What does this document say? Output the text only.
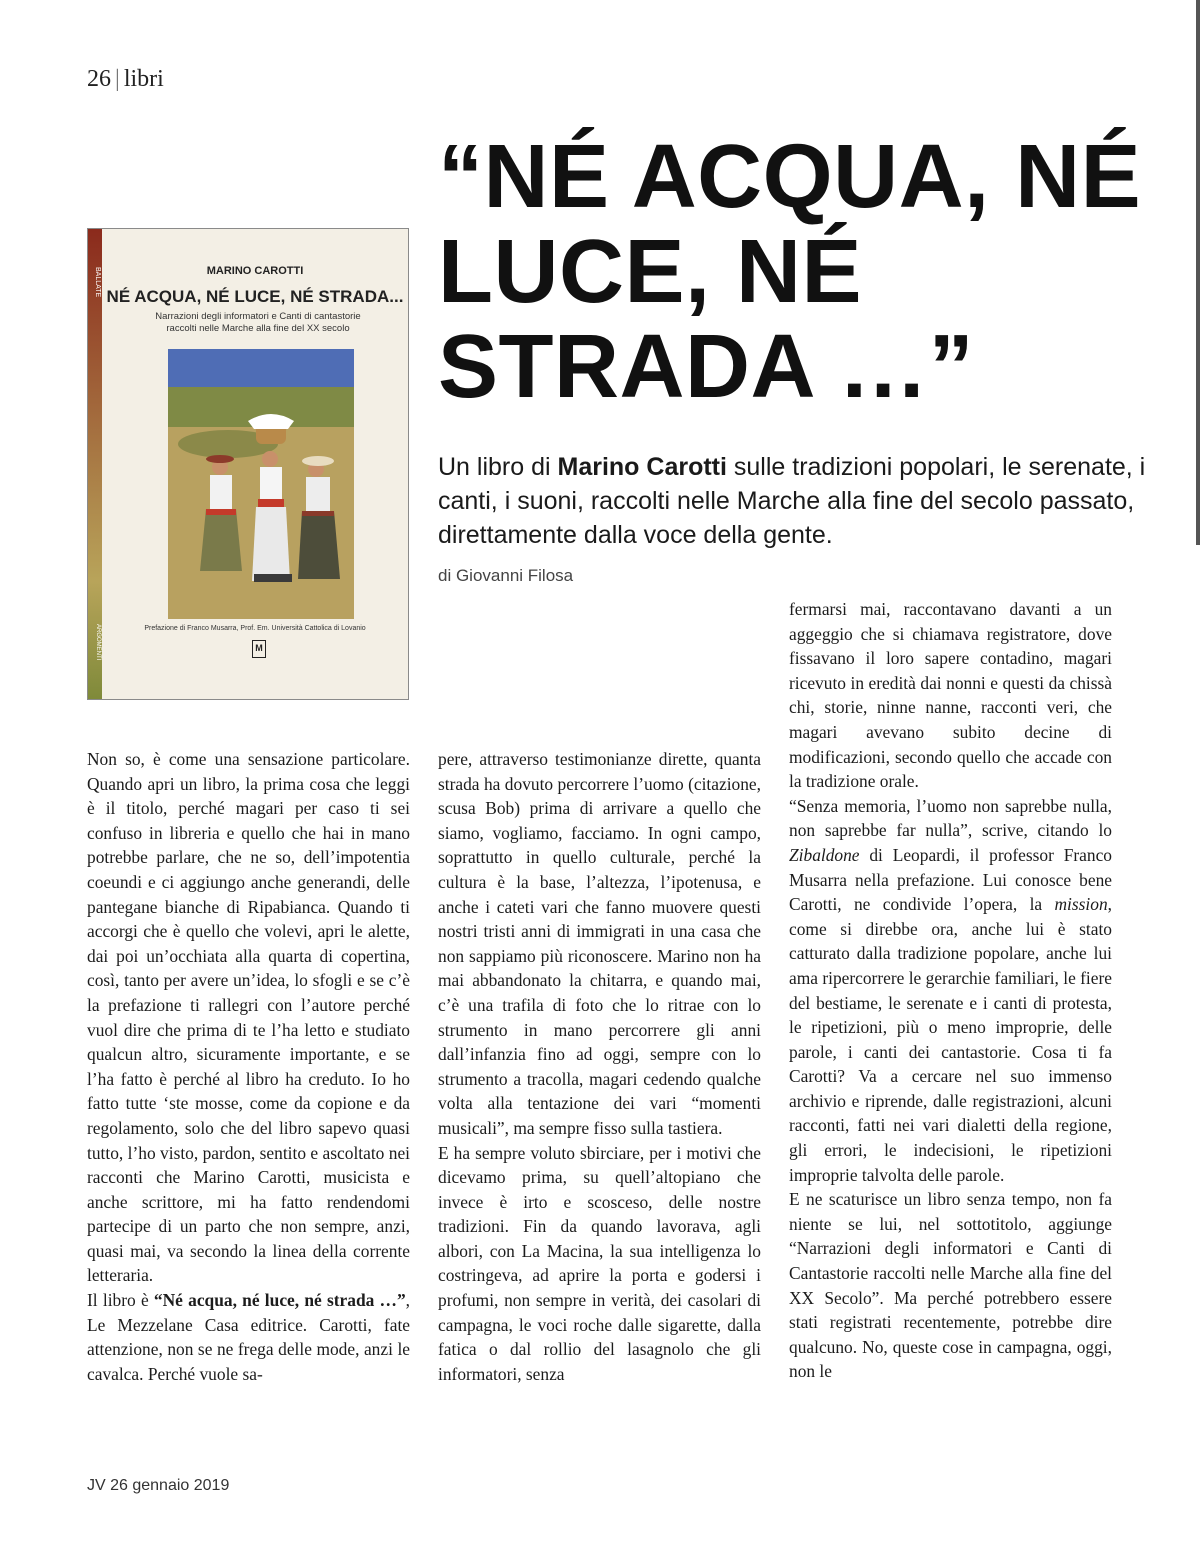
26 | libri
“NÉ ACQUA, NÉ LUCE, NÉ STRADA …”

Un libro di Marino Carotti sulle tradizioni popolari, le serenate, i canti, i suoni, raccolti nelle Marche alla fine del secolo passato, direttamente dalla voce della gente.

di Giovanni Filosa
BALLATE
ARGOMENTI
MARINO CAROTTI
NÉ ACQUA, NÉ LUCE, NÉ STRADA...
Narrazioni degli informatori e Canti di cantastorie raccolti nelle Marche alla fine del XX secolo
Prefazione di Franco Musarra, Prof. Em. Università Cattolica di Lovanio
M

Non so, è come una sensazione particolare. Quando apri un libro, la prima cosa che leggi è il titolo, perché magari per caso ti sei confuso in libreria e quello che hai in mano potrebbe parlare, che ne so, dell’impotentia coeundi e ci aggiungo anche generandi, delle pantegane bianche di Ripabianca. Quando ti accorgi che è quello che volevi, apri le alette, dai poi un’occhiata alla quarta di copertina, così, tanto per avere un’idea, lo sfogli e se c’è la prefazione ti rallegri con l’autore perché vuol dire che prima di te l’ha letto e studiato qualcun altro, sicuramente importante, e se l’ha fatto è perché al libro ha creduto. Io ho fatto tutte ‘ste mosse, come da copione e da regolamento, solo che del libro sapevo quasi tutto, l’ho visto, pardon, sentito e ascoltato nei racconti che Marino Carotti, musicista e anche scrittore, mi ha fatto rendendomi partecipe di un parto che non sempre, anzi, quasi mai, va secondo la linea della corrente letteraria.

Il libro è “Né acqua, né luce, né strada …”, Le Mezzelane Casa editrice. Carotti, fate attenzione, non se ne frega delle mode, anzi le cavalca. Perché vuole sa-

pere, attraverso testimonianze dirette, quanta strada ha dovuto percorrere l’uomo (citazione, scusa Bob) prima di arrivare a quello che siamo, vogliamo, facciamo. In ogni campo, soprattutto in quello culturale, perché la cultura è la base, l’altezza, l’ipotenusa, e anche i cateti vari che fanno muovere questi nostri tristi anni di immigrati in una casa che non sappiamo più riconoscere. Marino non ha mai abbandonato la chitarra, e quando mai, c’è una trafila di foto che lo ritrae con lo strumento in mano percorrere gli anni dall’infanzia fino ad oggi, sempre con lo strumento a tracolla, magari cedendo qualche volta alla tentazione dei vari “momenti musicali”, ma sempre fisso sulla tastiera.

E ha sempre voluto sbirciare, per i motivi che dicevamo prima, su quell’altopiano che invece è irto e scosceso, delle nostre tradizioni. Fin da quando lavorava, agli albori, con La Macina, la sua intelligenza lo costringeva, ad aprire la porta e godersi i profumi, non sempre in verità, dei casolari di campagna, le voci roche dalle sigarette, dalla fatica o dal rollio del lasagnolo che gli informatori, senza

fermarsi mai, raccontavano davanti a un aggeggio che si chiamava registratore, dove fissavano il loro sapere contadino, magari ricevuto in eredità dai nonni e questi da chissà chi, storie, ninne nanne, racconti veri, che magari avevano subito decine di modificazioni, secondo quello che accade con la tradizione orale.

“Senza memoria, l’uomo non saprebbe nulla, non saprebbe far nulla”, scrive, citando lo Zibaldone di Leopardi, il professor Franco Musarra nella prefazione. Lui conosce bene Carotti, ne condivide l’opera, la mission, come si direbbe ora, anche lui è stato catturato dalla tradizione popolare, anche lui ama ripercorrere le gerarchie familiari, le fiere del bestiame, le serenate e i canti di protesta, le ripetizioni, più o meno improprie, delle parole, i canti dei cantastorie. Cosa ti fa Carotti? Va a cercare nel suo immenso archivio e riprende, dalle registrazioni, alcuni racconti, fatti nei vari dialetti della regione, gli errori, le indecisioni, le ripetizioni improprie talvolta delle parole.

E ne scaturisce un libro senza tempo, non fa niente se lui, nel sottotitolo, aggiunge “Narrazioni degli informatori e Canti di Cantastorie raccolti nelle Marche alla fine del XX Secolo”. Ma perché potrebbero essere stati registrati recentemente, potrebbe dire qualcuno. No, queste cose in campagna, oggi, non le

JV 26 gennaio 2019
